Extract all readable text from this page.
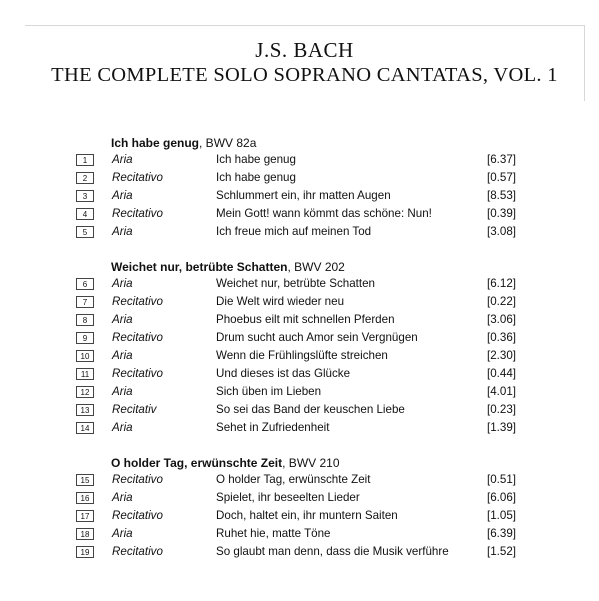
J.S. BACH
THE COMPLETE SOLO SOPRANO CANTATAS, VOL. 1
Ich habe genug, BWV 82a
1	Aria	Ich habe genug	[6.37]
2	Recitativo	Ich habe genug	[0.57]
3	Aria	Schlummert ein, ihr matten Augen	[8.53]
4	Recitativo	Mein Gott! wann kömmt das schöne: Nun!	[0.39]
5	Aria	Ich freue mich auf meinen Tod	[3.08]
Weichet nur, betrübte Schatten, BWV 202
6	Aria	Weichet nur, betrübte Schatten	[6.12]
7	Recitativo	Die Welt wird wieder neu	[0.22]
8	Aria	Phoebus eilt mit schnellen Pferden	[3.06]
9	Recitativo	Drum sucht auch Amor sein Vergnügen	[0.36]
10	Aria	Wenn die Frühlingslüfte streichen	[2.30]
11	Recitativo	Und dieses ist das Glücke	[0.44]
12	Aria	Sich üben im Lieben	[4.01]
13	Recitativ	So sei das Band der keuschen Liebe	[0.23]
14	Aria	Sehet in Zufriedenheit	[1.39]
O holder Tag, erwünschte Zeit, BWV 210
15	Recitativo	O holder Tag, erwünschte Zeit	[0.51]
16	Aria	Spielet, ihr beseelten Lieder	[6.06]
17	Recitativo	Doch, haltet ein, ihr muntern Saiten	[1.05]
18	Aria	Ruhet hie, matte Töne	[6.39]
19	Recitativo	So glaubt man denn, dass die Musik verführe	[1.52]
